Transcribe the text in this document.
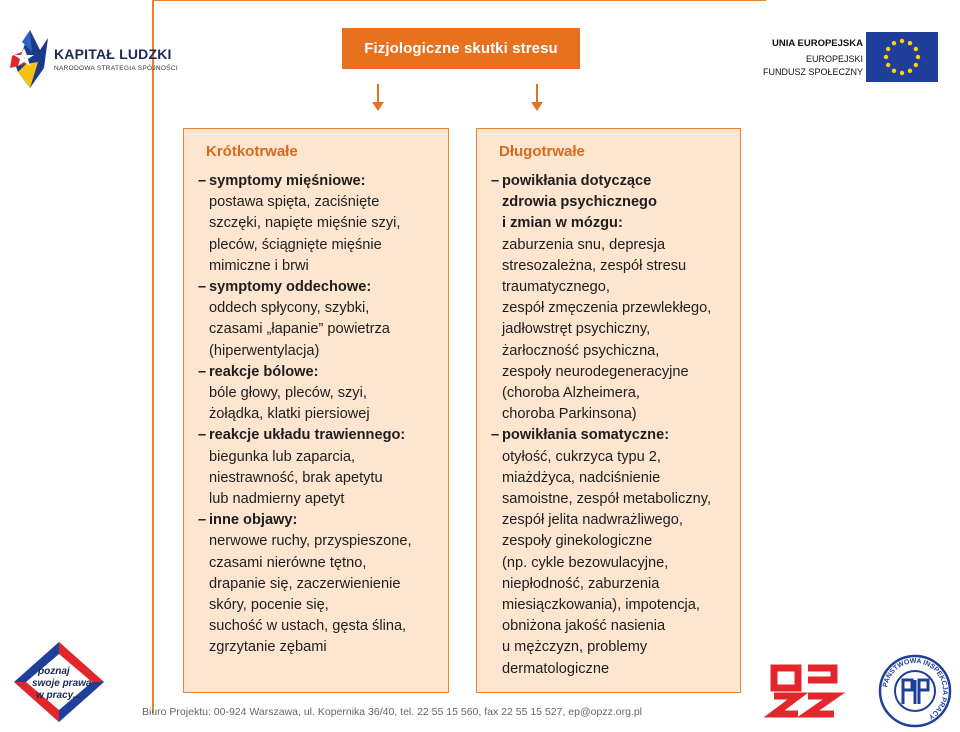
KAPITAŁ LUDZKI
NARODOWA STRATEGIA SPÓJNOŚCI
UNIA EUROPEJSKA
EUROPEJSKI
FUNDUSZ SPOŁECZNY
Fizjologiczne skutki stresu
Krótkotrwałe
– symptomy mięśniowe:
postawa spięta, zaciśnięte
szczęki, napięte mięśnie szyi,
pleców, ściągnięte mięśnie
mimiczne i brwi
– symptomy oddechowe:
oddech spłycony, szybki,
czasami „łapanie” powietrza
(hiperwentylacja)
– reakcje bólowe:
bóle głowy, pleców, szyi,
żołądka, klatki piersiowej
– reakcje układu trawiennego:
biegunka lub zaparcia,
niestrawność, brak apetytu
lub nadmierny apetyt
– inne objawy:
nerwowe ruchy, przyspieszone,
czasami nierówne tętno,
drapanie się, zaczerwienienie
skóry, pocenie się,
suchość w ustach, gęsta ślina,
zgrzytanie zębami
Długotrwałe
– powikłania dotyczące
zdrowia psychicznego
i zmian w mózgu:
zaburzenia snu, depresja
stresozależna, zespół stresu
traumatycznego,
zespół zmęczenia przewlekłego,
jadłowstręt psychiczny,
żarłoczność psychiczna,
zespoły neurodegeneracyjne
(choroba Alzheimera,
choroba Parkinsona)
– powikłania somatyczne:
otyłość, cukrzyca typu 2,
miażdżyca, nadciśnienie
samoistne, zespół metaboliczny,
zespół jelita nadwrażliwego,
zespoły ginekologiczne
(np. cykle bezowulacyjne,
niepłodność, zaburzenia
miesiączkowania), impotencja,
obniżona jakość nasienia
u mężczyzn, problemy
dermatologiczne
poznaj
swoje prawa
w pracy...
Biuro Projektu: 00-924 Warszawa, ul. Kopernika 36/40, tel. 22 55 15 560, fax 22 55 15 527, ep@opzz.org.pl
PAŃSTWOWA INSPEKCJA PRACY
